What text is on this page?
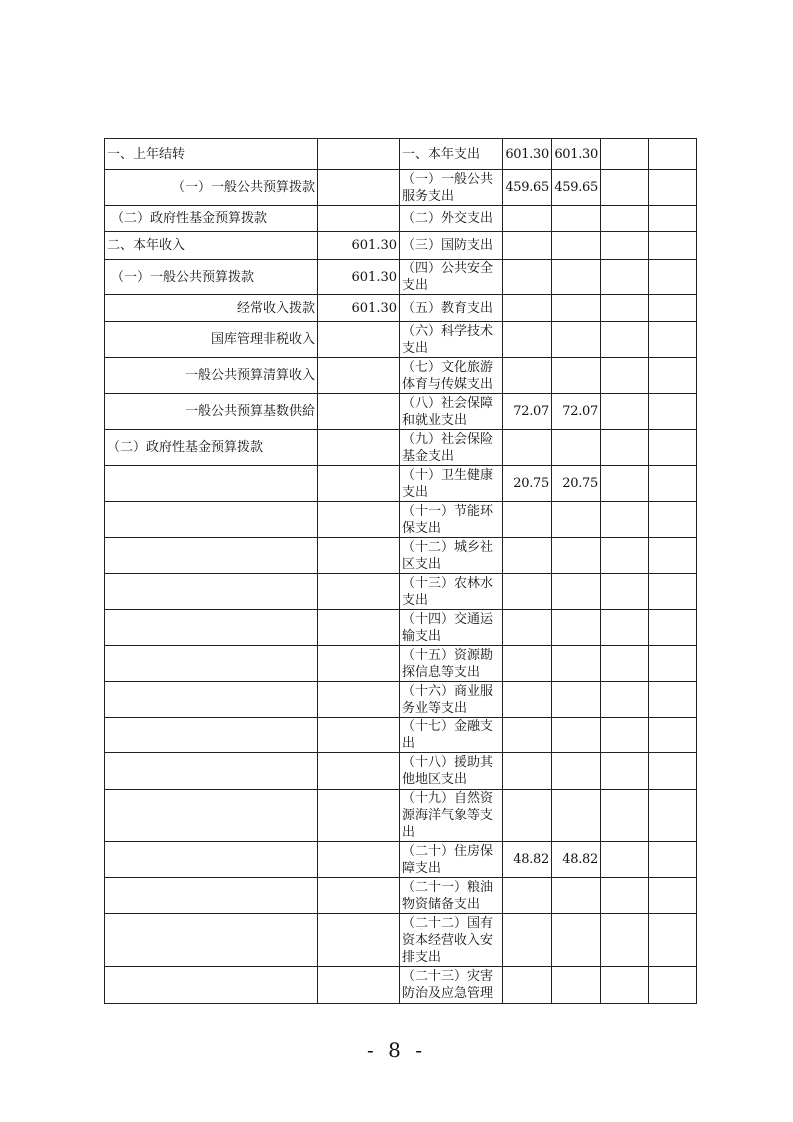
一、上年结转		一、本年支出	601.30	601.30		
（一）一般公共预算拨款		（一）一般公共服务支出	459.65	459.65		
（二）政府性基金预算拨款		（二）外交支出				
二、本年收入	601.30	（三）国防支出				
（一）一般公共预算拨款	601.30	（四）公共安全支出				
经常收入拨款	601.30	（五）教育支出				
国库管理非税收入		（六）科学技术支出				
一般公共预算清算收入		（七）文化旅游体育与传媒支出				
一般公共预算基数供給		（八）社会保障和就业支出	72.07	72.07		
（二）政府性基金预算拨款		（九）社会保险基金支出				
		（十）卫生健康支出	20.75	20.75		
		（十一）节能环保支出				
		（十二）城乡社区支出				
		（十三）农林水支出				
		（十四）交通运输支出				
		（十五）资源勘探信息等支出				
		（十六）商业服务业等支出				
		（十七）金融支出				
		（十八）援助其他地区支出				
		（十九）自然资源海洋气象等支出				
		（二十）住房保障支出	48.82	48.82		
		（二十一）粮油物资储备支出				
		（二十二）国有资本经营收入安排支出				
		（二十三）灾害防治及应急管理				
- 8 -
